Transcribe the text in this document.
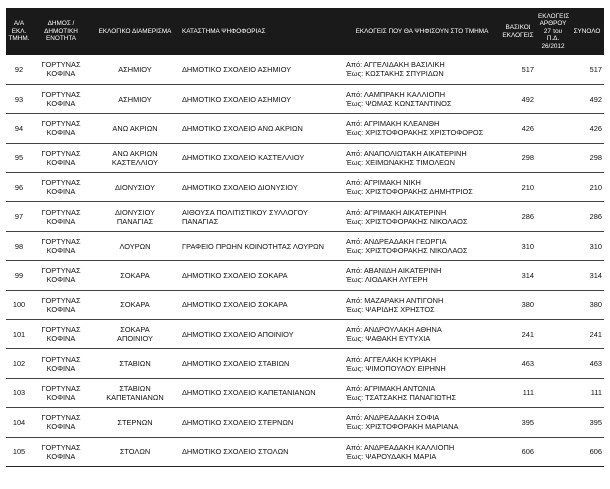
Α/Α
ΕΚΛ.
ΤΜΗΜ.	ΔΗΜΟΣ /
ΔΗΜΟΤΙΚΗ
ΕΝΟΤΗΤΑ	ΕΚΛΟΓΙΚΟ ΔΙΑΜΕΡΙΣΜΑ	ΚΑΤΑΣΤΗΜΑ ΨΗΦΟΦΟΡΙΑΣ	ΕΚΛΟΓΕΙΣ ΠΟΥ ΘΑ ΨΗΦΙΣΟΥΝ ΣΤΟ ΤΜΗΜΑ	ΒΑΣΙΚΟΙ
ΕΚΛΟΓΕΙΣ	ΕΚΛΟΓΕΙΣ
ΑΡΘΡΟΥ
27 του Π.Δ.
26/2012	ΣΥΝΟΛΟ
92	ΓΟΡΤΥΝΑΣ
ΚΟΦΙΝΑ	ΑΣΗΜΙΟΥ	ΔΗΜΟΤΙΚΟ ΣΧΟΛΕΙΟ ΑΣΗΜΙΟΥ	Από: ΑΓΓΕΛΙΔΑΚΗ ΒΑΣΙΛΙΚΗ
Έως: ΚΩΣΤΑΚΗΣ ΣΠΥΡΙΔΩΝ	517		517
93	ΓΟΡΤΥΝΑΣ
ΚΟΦΙΝΑ	ΑΣΗΜΙΟΥ	ΔΗΜΟΤΙΚΟ ΣΧΟΛΕΙΟ ΑΣΗΜΙΟΥ	Από: ΛΑΜΠΡΑΚΗ ΚΑΛΛΙΟΠΗ
Έως: ΨΩΜΑΣ ΚΩΝΣΤΑΝΤΙΝΟΣ	492		492
94	ΓΟΡΤΥΝΑΣ
ΚΟΦΙΝΑ	ΑΝΩ ΑΚΡΙΩΝ	ΔΗΜΟΤΙΚΟ ΣΧΟΛΕΙΟ ΑΝΩ ΑΚΡΙΩΝ	Από: ΑΓΡΙΜΑΚΗ ΚΛΕΑΝΘΗ
Έως: ΧΡΙΣΤΟΦΟΡΑΚΗΣ ΧΡΙΣΤΟΦΟΡΟΣ	426		426
95	ΓΟΡΤΥΝΑΣ
ΚΟΦΙΝΑ	ΑΝΩ ΑΚΡΙΩΝ
ΚΑΣΤΕΛΛΙΟΥ	ΔΗΜΟΤΙΚΟ ΣΧΟΛΕΙΟ ΚΑΣΤΕΛΛΙΟΥ	Από: ΑΝΑΠΟΛΙΩΤΑΚΗ ΑΙΚΑΤΕΡΙΝΗ
Έως: ΧΕΙΜΩΝΑΚΗΣ ΤΙΜΟΛΕΩΝ	298		298
96	ΓΟΡΤΥΝΑΣ
ΚΟΦΙΝΑ	ΔΙΟΝΥΣΙΟΥ	ΔΗΜΟΤΙΚΟ ΣΧΟΛΕΙΟ ΔΙΟΝΥΣΙΟΥ	Από: ΑΓΡΙΜΑΚΗ ΝΙΚΗ
Έως: ΧΡΙΣΤΟΦΟΡΑΚΗΣ ΔΗΜΗΤΡΙΟΣ	210		210
97	ΓΟΡΤΥΝΑΣ
ΚΟΦΙΝΑ	ΔΙΟΝΥΣΙΟΥ
ΠΑΝΑΓΙΑΣ	ΑΙΘΟΥΣΑ ΠΟΛΙΤΙΣΤΙΚΟΥ ΣΥΛΛΟΓΟΥ
ΠΑΝΑΓΙΑΣ	Από: ΑΓΡΙΜΑΚΗ ΑΙΚΑΤΕΡΙΝΗ
Έως: ΧΡΙΣΤΟΦΟΡΑΚΗΣ ΝΙΚΟΛΑΟΣ	286		286
98	ΓΟΡΤΥΝΑΣ
ΚΟΦΙΝΑ	ΛΟΥΡΩΝ	ΓΡΑΦΕΙΟ ΠΡΩΗΝ ΚΟΙΝΟΤΗΤΑΣ ΛΟΥΡΩΝ	Από: ΑΝΔΡΕΑΔΑΚΗ ΓΕΩΡΓΙΑ
Έως: ΧΡΙΣΤΟΦΟΡΑΚΗΣ ΝΙΚΟΛΑΟΣ	310		310
99	ΓΟΡΤΥΝΑΣ
ΚΟΦΙΝΑ	ΣΟΚΑΡΑ	ΔΗΜΟΤΙΚΟ ΣΧΟΛΕΙΟ ΣΟΚΑΡΑ	Από: ΑΒΑΝΙΔΗ ΑΙΚΑΤΕΡΙΝΗ
Έως: ΛΙΟΔΑΚΗ ΛΥΓΕΡΗ	314		314
100	ΓΟΡΤΥΝΑΣ
ΚΟΦΙΝΑ	ΣΟΚΑΡΑ	ΔΗΜΟΤΙΚΟ ΣΧΟΛΕΙΟ ΣΟΚΑΡΑ	Από: ΜΑΖΑΡΑΚΗ ΑΝΤΙΓΟΝΗ
Έως: ΨΑΡΙΔΗΣ ΧΡΗΣΤΟΣ	380		380
101	ΓΟΡΤΥΝΑΣ
ΚΟΦΙΝΑ	ΣΟΚΑΡΑ
ΑΠΟΙΝΙΟΥ	ΔΗΜΟΤΙΚΟ ΣΧΟΛΕΙΟ ΑΠΟΙΝΙΟΥ	Από: ΑΝΔΡΟΥΛΑΚΗ ΑΘΗΝΑ
Έως: ΨΑΘΑΚΗ ΕΥΤΥΧΙΑ	241		241
102	ΓΟΡΤΥΝΑΣ
ΚΟΦΙΝΑ	ΣΤΑΒΙΩΝ	ΔΗΜΟΤΙΚΟ ΣΧΟΛΕΙΟ ΣΤΑΒΙΩΝ	Από: ΑΓΓΕΛΑΚΗ ΚΥΡΙΑΚΗ
Έως: ΨΙΜΟΠΟΥΛΟΥ ΕΙΡΗΝΗ	463		463
103	ΓΟΡΤΥΝΑΣ
ΚΟΦΙΝΑ	ΣΤΑΒΙΩΝ
ΚΑΠΕΤΑΝΙΑΝΩΝ	ΔΗΜΟΤΙΚΟ ΣΧΟΛΕΙΟ ΚΑΠΕΤΑΝΙΑΝΩΝ	Από: ΑΓΡΙΜΑΚΗ ΑΝΤΩΝΙΑ
Έως: ΤΣΑΤΣΑΚΗΣ ΠΑΝΑΓΙΩΤΗΣ	111		111
104	ΓΟΡΤΥΝΑΣ
ΚΟΦΙΝΑ	ΣΤΕΡΝΩΝ	ΔΗΜΟΤΙΚΟ ΣΧΟΛΕΙΟ ΣΤΕΡΝΩΝ	Από: ΑΝΔΡΕΑΔΑΚΗ ΣΟΦΙΑ
Έως: ΧΡΙΣΤΟΦΟΡΑΚΗ ΜΑΡΙΑΝΑ	395		395
105	ΓΟΡΤΥΝΑΣ
ΚΟΦΙΝΑ	ΣΤΟΛΩΝ	ΔΗΜΟΤΙΚΟ ΣΧΟΛΕΙΟ ΣΤΟΛΩΝ	Από: ΑΝΔΡΕΑΔΑΚΗ ΚΑΛΛΙΟΠΗ
Έως: ΨΑΡΟΥΔΑΚΗ ΜΑΡΙΑ	606		606
